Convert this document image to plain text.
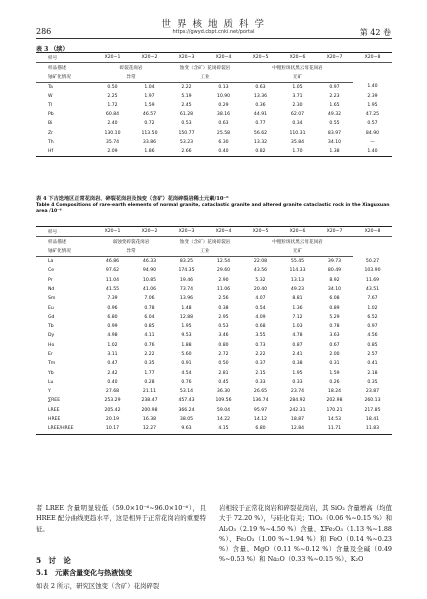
世 界 核 地 质 科 学
286	https://gwyd.cbpt.cnki.net/portal	第 42 卷
表 3 （续）
样号	X20−1	X20−2	X20−3	X20−4	X20−5	X20−6	X20−7	X20−8
样品描述	碎裂花岗岩		蚀变（含矿）花岗碎裂岩		中粗粒斑状黑云母花岗岩			
铀矿化情况	异常		工业		无矿			
Ta	0.50	1.04	2.22	0.13	0.63	1.05	0.97	1.40
W	2.25	1.97	5.19	10.90	13.36	3.71	2.23	2.39
Tl	1.72	1.59	2.45	0.29	0.36	2.30	1.65	1.95
Pb	60.84	46.57	61.28	38.16	44.91	62.07	49.32	47.25
Bi	2.40	0.72	0.53	0.63	0.77	0.34	0.55	0.57
Zr	130.10	113.50	150.77	25.58	56.62	110.31	83.97	84.90
Th	35.74	33.86	53.23	6.30	13.32	35.84	34.10	—
Hf	2.09	1.86	2.66	0.40	0.82	1.70	1.38	1.40
表 4 下古迭地区正常花岗岩、碎裂花岗岩及蚀变（含矿）花岗碎裂岩稀土元素/10⁻⁶
Table 4 Compositions of rare-earth elements of normal granite, cataclastic granite and altered granite cataclastic rock in the Xiaguxuan area /10⁻⁶
样号	X20−1	X20−2	X20−3	X20−4	X20−5	X20−6	X20−7	X20−8
样品描述	弱蚀变碎裂花岗岩		蚀变（含矿）花岗碎裂岩		中粗粒斑状黑云母花岗岩			
铀矿化情况	异常		工业		无矿			
La	46.86	46.33	83.25	12.54	22.08	55.45	39.73	50.27
Ce	97.62	94.90	174.35	29.60	43.56	114.33	80.49	103.90
Pr	11.04	10.85	19.46	2.90	5.32	13.13	8.92	11.69
Nd	41.55	41.06	73.74	11.06	20.40	49.23	34.10	43.51
Sm	7.39	7.06	13.96	2.56	4.07	8.81	6.08	7.67
Eu	0.96	0.78	1.48	0.38	0.54	1.36	0.89	1.02
Gd	6.80	6.04	12.88	2.95	4.09	7.12	5.29	6.52
Tb	0.99	0.85	1.95	0.53	0.68	1.03	0.78	0.97
Dy	4.98	4.11	9.53	3.46	3.55	4.78	3.63	4.56
Ho	1.02	0.76	1.88	0.80	0.73	0.87	0.67	0.85
Er	3.11	2.22	5.60	2.72	2.22	2.41	2.00	2.57
Tm	0.47	0.35	0.91	0.50	0.37	0.38	0.31	0.41
Yb	2.42	1.77	4.54	2.81	2.15	1.95	1.59	2.18
Lu	0.40	0.28	0.76	0.45	0.33	0.33	0.26	0.35
Y	27.68	21.11	53.14	36.30	26.65	23.74	18.24	23.87
∑REE	253.29	238.47	457.43	109.56	136.74	284.92	202.98	260.13
LREE	205.42	200.98	366.24	59.04	95.97	242.31	170.21	217.85
HREE	20.19	16.38	38.05	14.22	14.12	18.87	14.53	18.41
LREE/HREE	10.17	12.27	9.63	4.15	6.80	12.84	11.71	11.83
者 LREE 含量明显较低（59.0×10⁻⁶~96.0×10⁻⁶），且 HREE 配分曲线更趋水平，这是相异于正常花岗岩的重要特征。
岩相较于正常花岗岩和碎裂花岗岩，其 SiO₂ 含量增高（均值大于 72.20 %），与硅化有关；TiO₂（0.06 %~0.15 %）和 Al₂O₃（2.19 %~4.50 %）含量、ΣFe₂O₃（1.13 %~1.88 %）、Fe₂O₃（1.00 %~1.94 %）和 FeO（0.14 %~0.23 %）含量、MgO（0.11 %~0.12 %）含量及全碱（0.49 %~0.53 %）和 Na₂O（0.33 %~0.15 %）、K₂O
5　讨　论
5.1　元素含量变化与热液蚀变
如表 2 所示，研究区蚀变（含矿）花岗碎裂
